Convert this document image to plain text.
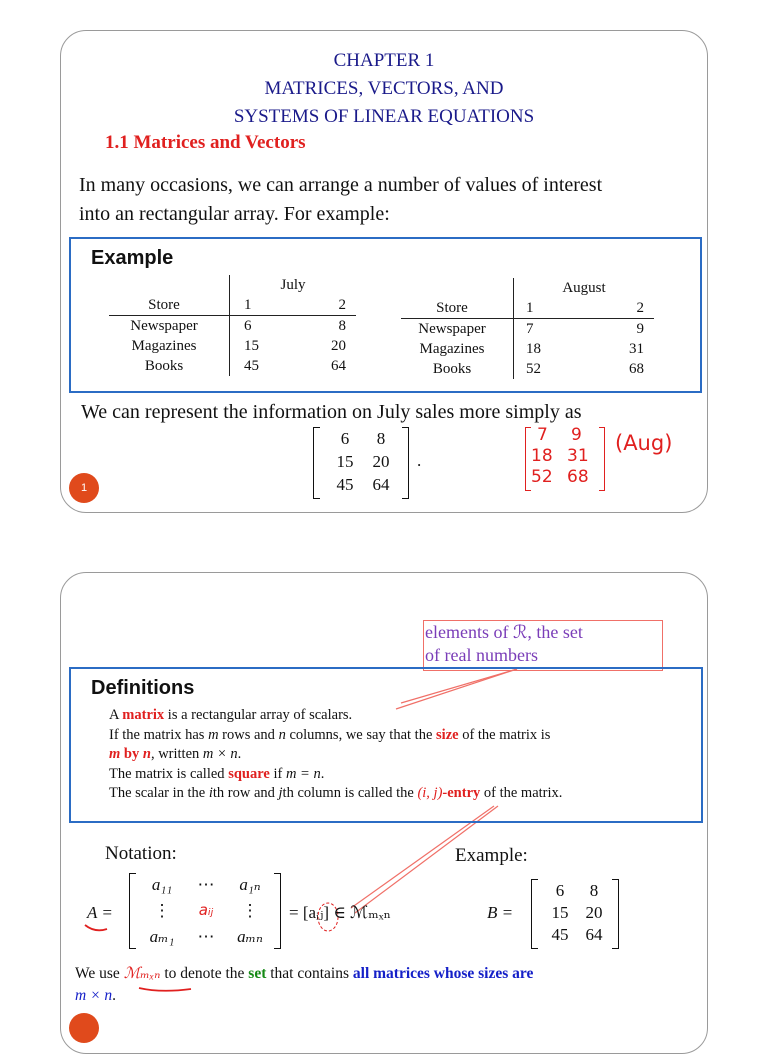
CHAPTER 1
MATRICES, VECTORS, AND
SYSTEMS OF LINEAR EQUATIONS
1.1 Matrices and Vectors
In many occasions, we can arrange a number of values of interest
into an rectangular array. For example:
Example
		July	
Store		1	2
Newspaper		6	8
Magazines		15	20
Books		45	64
		August	
Store		1	2
Newspaper		7	9
Magazines		18	31
Books		52	68
We can represent the information on July sales more simply as
6	8
15	20
45	64
.
7 9
18 31
52 68
(Aug)
1
elements of ℛ, the set
of real numbers
Definitions
A matrix is a rectangular array of scalars.
If the matrix has m rows and n columns, we say that the size of the matrix is
m by n, written m × n.
The matrix is called square if m = n.
The scalar in the ith row and jth column is called the (i, j)-entry of the matrix.
Notation:	Example:
A =
a₁₁	⋯	a₁ₙ
⋮	aᵢⱼ	⋮
aₘ₁	⋯	aₘₙ
= [aᵢⱼ] ∈ ℳₘₓₙ	B =
6	8
15	20
45	64
We use ℳₘₓₙ to denote the set that contains all matrices whose sizes are
m × n.
